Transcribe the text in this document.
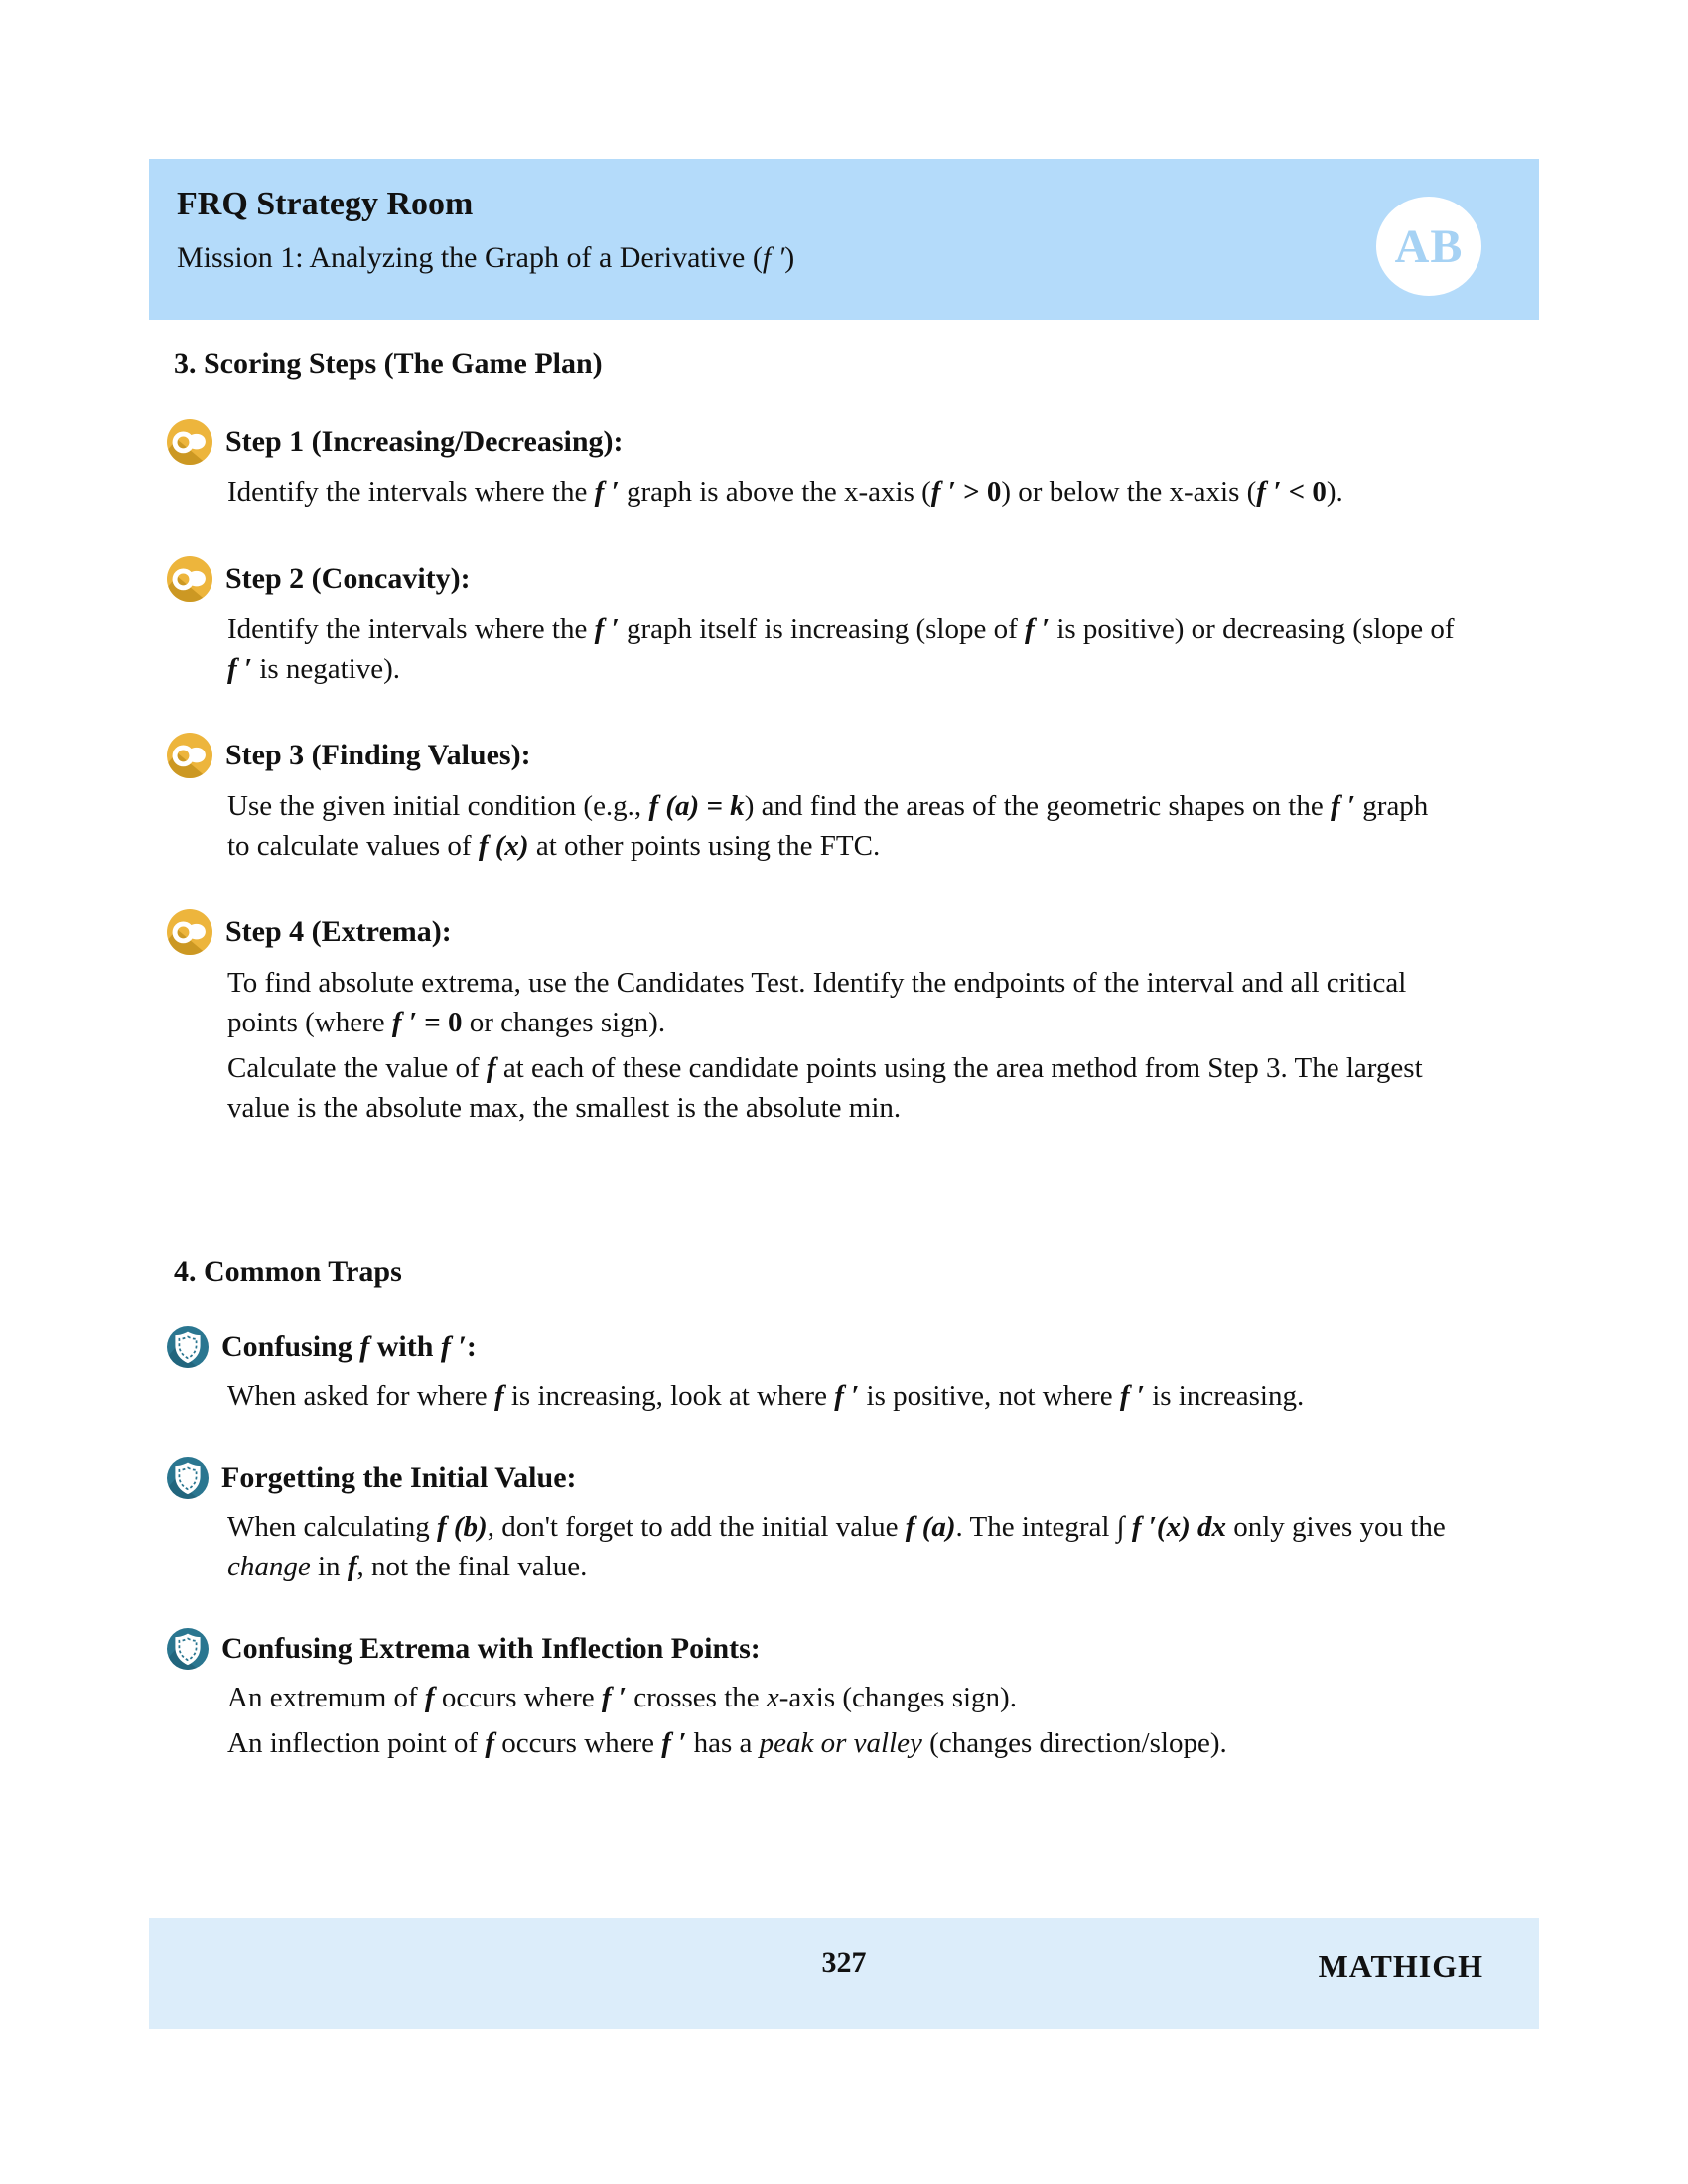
FRQ Strategy Room
Mission 1: Analyzing the Graph of a Derivative (f ′)	AB
3. Scoring Steps (The Game Plan)
Step 1 (Increasing/Decreasing):
Identify the intervals where the f ′ graph is above the x-axis (f ′ > 0) or below the x-axis (f ′ < 0).
Step 2 (Concavity):
Identify the intervals where the f ′ graph itself is increasing (slope of f ′ is positive) or decreasing (slope of f ′ is negative).
Step 3 (Finding Values):
Use the given initial condition (e.g., f (a) = k) and find the areas of the geometric shapes on the f ′ graph to calculate values of f (x) at other points using the FTC.
Step 4 (Extrema):
To find absolute extrema, use the Candidates Test. Identify the endpoints of the interval and all critical points (where f ′ = 0 or changes sign).
Calculate the value of f at each of these candidate points using the area method from Step 3. The largest value is the absolute max, the smallest is the absolute min.
4. Common Traps
Confusing f with f ′:
When asked for where f is increasing, look at where f ′ is positive, not where f ′ is increasing.
Forgetting the Initial Value:
When calculating f (b), don't forget to add the initial value f (a). The integral ∫ f ′(x) dx only gives you the change in f, not the final value.
Confusing Extrema with Inflection Points:
An extremum of f occurs where f ′ crosses the x-axis (changes sign).
An inflection point of f occurs where f ′ has a peak or valley (changes direction/slope).
327	MATHIGH
